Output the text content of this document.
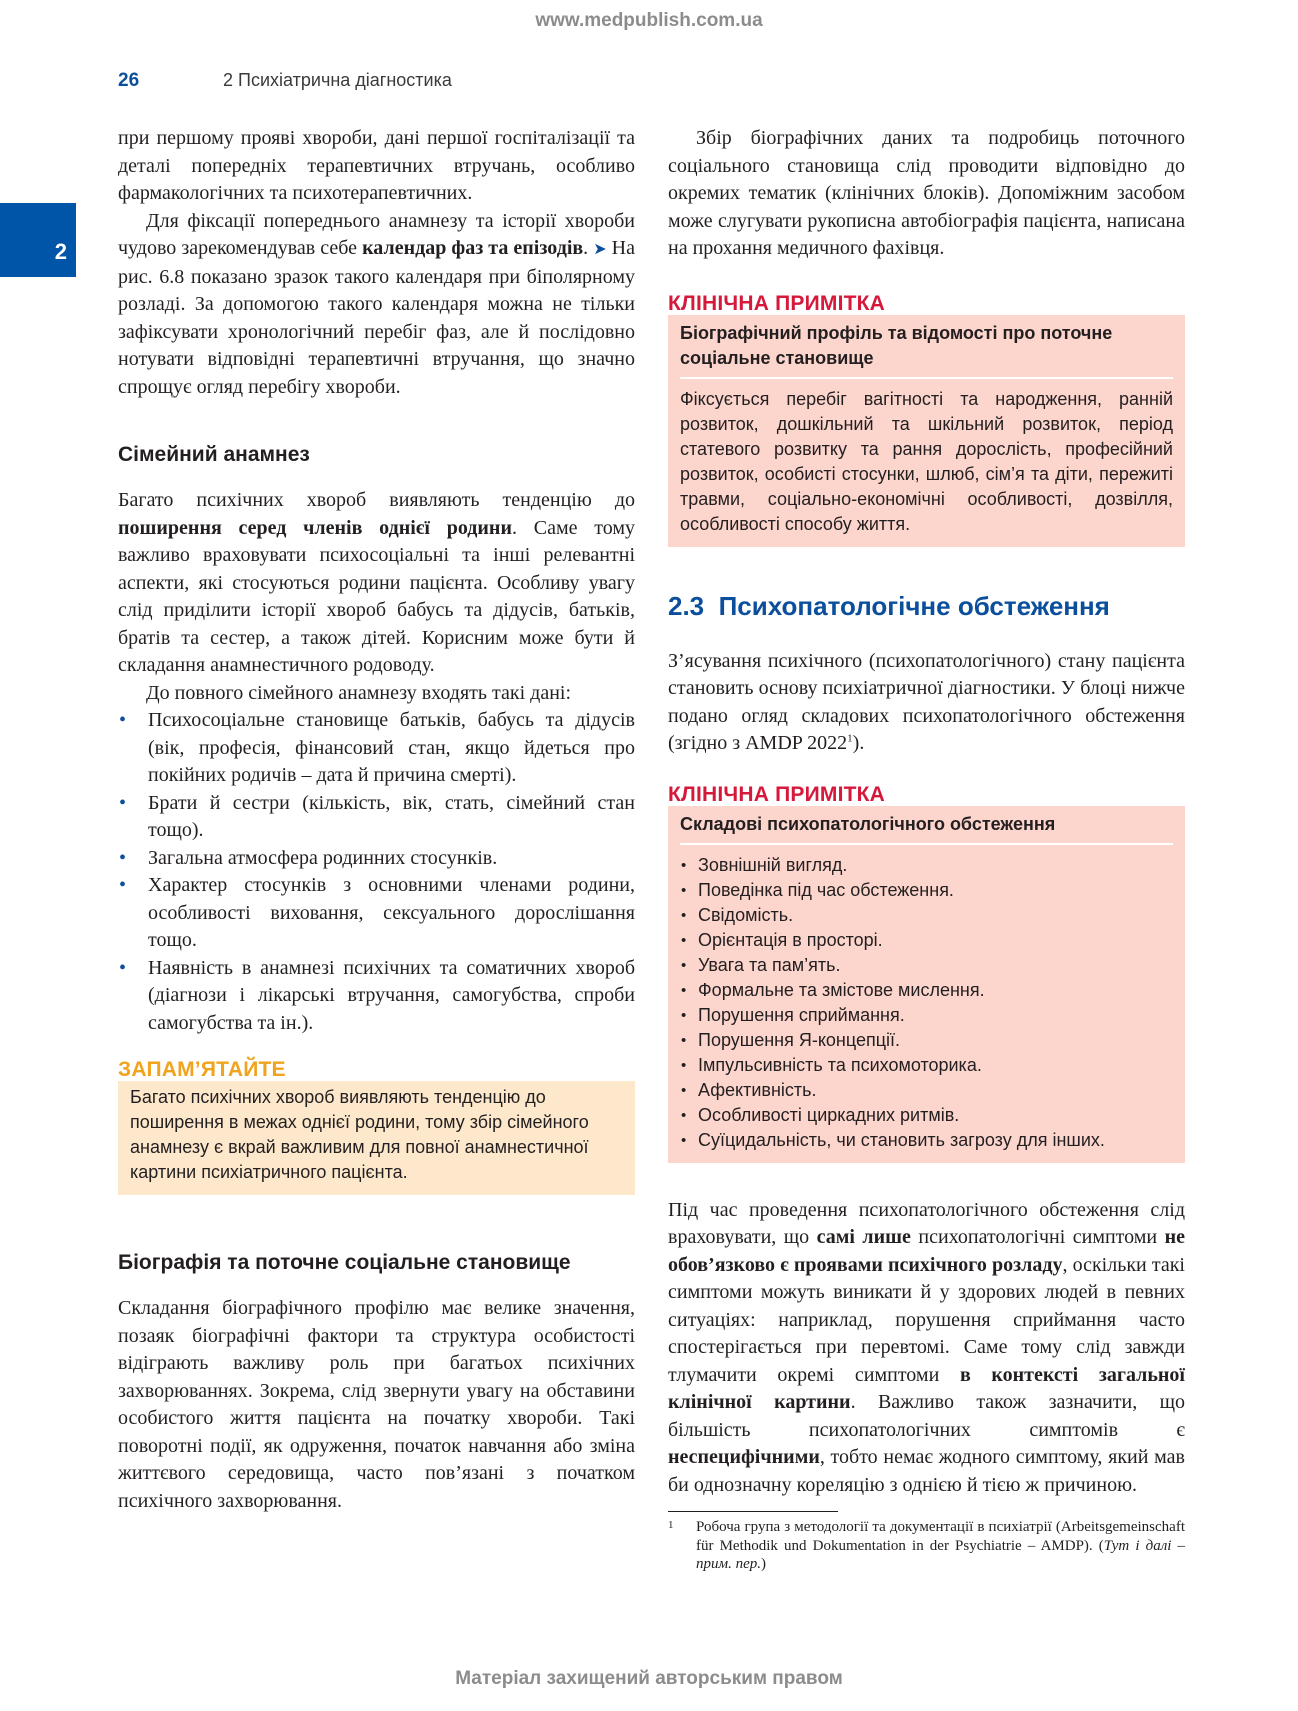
www.medpublish.com.ua
26	2 Психіатрична діагностика
2

при першому прояві хвороби, дані першої госпіталізації та деталі попередніх терапевтичних втручань, особливо фармакологічних та психотерапевтичних.

Для фіксації попереднього анамнезу та історії хвороби чудово зарекомендував себе календар фаз та епізодів. ➤ На рис. 6.8 показано зразок такого календаря при біполярному розладі. За допомогою такого календаря можна не тільки зафіксувати хронологічний перебіг фаз, але й послідовно нотувати відповідні терапевтичні втручання, що значно спрощує огляд перебігу хвороби.

Сімейний анамнез

Багато психічних хвороб виявляють тенденцію до поширення серед членів однієї родини. Саме тому важливо враховувати психосоціальні та інші релевантні аспекти, які стосуються родини пацієнта. Особливу увагу слід приділити історії хвороб бабусь та дідусів, батьків, братів та сестер, а також дітей. Корисним може бути й складання анамнестичного родоводу.

До повного сімейного анамнезу входять такі дані:

• Психосоціальне становище батьків, бабусь та дідусів (вік, професія, фінансовий стан, якщо йдеться про покійних родичів – дата й причина смерті).
• Брати й сестри (кількість, вік, стать, сімейний стан тощо).
• Загальна атмосфера родинних стосунків.
• Характер стосунків з основними членами родини, особливості виховання, сексуального дорослішання тощо.
• Наявність в анамнезі психічних та соматичних хвороб (діагнози і лікарські втручання, самогубства, спроби самогубства та ін.).
ЗАПАМ’ЯТАЙТЕ
Багато психічних хвороб виявляють тенденцію до поширення в межах однієї родини, тому збір сімейного анамнезу є вкрай важливим для повної анамнестичної картини психіатричного пацієнта.
Біографія та поточне соціальне становище

Складання біографічного профілю має велике значення, позаяк біографічні фактори та структура особистості відіграють важливу роль при багатьох психічних захворюваннях. Зокрема, слід звернути увагу на обставини особистого життя пацієнта на початку хвороби. Такі поворотні події, як одруження, початок навчання або зміна життєвого середовища, часто пов’язані з початком психічного захворювання.

Збір біографічних даних та подробиць поточного соціального становища слід проводити відповідно до окремих тематик (клінічних блоків). Допоміжним засобом може слугувати рукописна автобіографія пацієнта, написана на прохання медичного фахівця.

КЛІНІЧНА ПРИМІТКА
Біографічний профіль та відомості про поточне соціальне становище
Фіксується перебіг вагітності та народження, ранній розвиток, дошкільний та шкільний розвиток, період статевого розвитку та рання дорослість, професійний розвиток, особисті стосунки, шлюб, сім’я та діти, пережиті травми, соціально-економічні особливості, дозвілля, особливості способу життя.
2.3 Психопатологічне обстеження

З’ясування психічного (психопатологічного) стану пацієнта становить основу психіатричної діагностики. У блоці нижче подано огляд складових психопатологічного обстеження (згідно з AMDP 2022$^1$).

КЛІНІЧНА ПРИМІТКА
Складові психопатологічного обстеження
• Зовнішній вигляд.
• Поведінка під час обстеження.
• Свідомість.
• Орієнтація в просторі.
• Увага та пам’ять.
• Формальне та змістове мислення.
• Порушення сприймання.
• Порушення Я-концепції.
• Імпульсивність та психомоторика.
• Афективність.
• Особливості циркадних ритмів.
• Суїцидальність, чи становить загрозу для інших.

Під час проведення психопатологічного обстеження слід враховувати, що самі лише психопатологічні симптоми не обов’язково є проявами психічного розладу, оскільки такі симптоми можуть виникати й у здорових людей в певних ситуаціях: наприклад, порушення сприймання часто спостерігається при перевтомі. Саме тому слід завжди тлумачити окремі симптоми в контексті загальної клінічної картини. Важливо також зазначити, що більшість психопатологічних симптомів є неспецифічними, тобто немає жодного симптому, який мав би однозначну кореляцію з однією й тією ж причиною.

1 Робоча група з методології та документації в психіатрії (Arbeitsgemeinschaft für Methodik und Dokumentation in der Psychiatrie – AMDP). (Тут і далі – прим. пер.)
Матеріал захищений авторським правом
